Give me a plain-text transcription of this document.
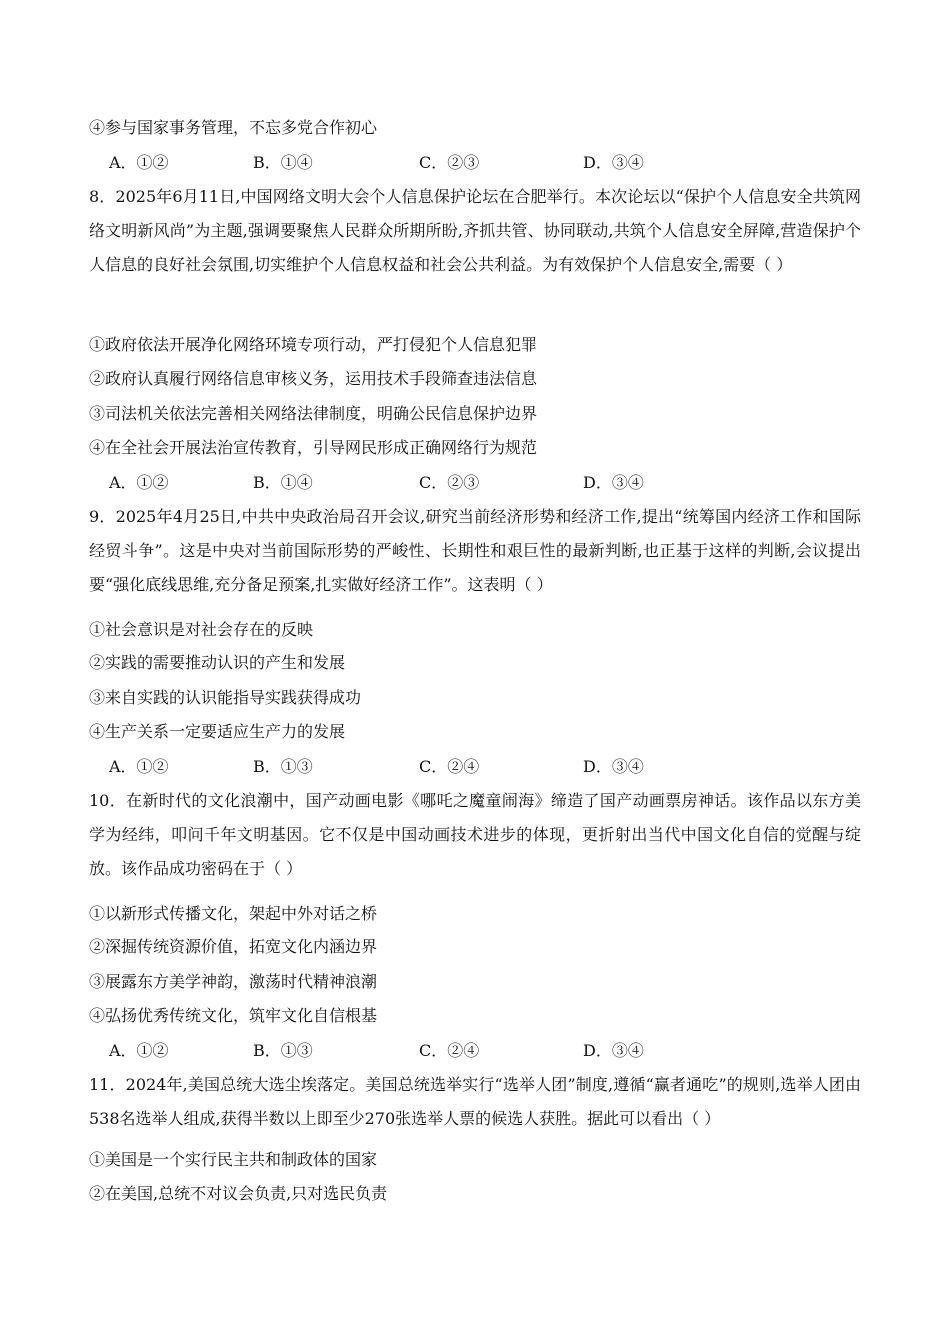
④参与国家事务管理，不忘多党合作初心
A．①②	B．①④	C．②③	D．③④
8．2025年6月11日,中国网络文明大会个人信息保护论坛在合肥举行。本次论坛以“保护个人信息安全共筑网络文明新风尚”为主题,强调要聚焦人民群众所期所盼,齐抓共管、协同联动,共筑个人信息安全屏障,营造保护个人信息的良好社会氛围,切实维护个人信息权益和社会公共利益。为有效保护个人信息安全,需要（ ）
①政府依法开展净化网络环境专项行动，严打侵犯个人信息犯罪
②政府认真履行网络信息审核义务，运用技术手段筛查违法信息
③司法机关依法完善相关网络法律制度，明确公民信息保护边界
④在全社会开展法治宣传教育，引导网民形成正确网络行为规范
A．①②	B．①④	C．②③	D．③④
9．2025年4月25日,中共中央政治局召开会议,研究当前经济形势和经济工作,提出“统筹国内经济工作和国际经贸斗争”。这是中央对当前国际形势的严峻性、长期性和艰巨性的最新判断,也正基于这样的判断,会议提出要“强化底线思维,充分备足预案,扎实做好经济工作”。这表明（ ）
①社会意识是对社会存在的反映
②实践的需要推动认识的产生和发展
③来自实践的认识能指导实践获得成功
④生产关系一定要适应生产力的发展
A．①②	B．①③	C．②④	D．③④
10．在新时代的文化浪潮中，国产动画电影《哪吒之魔童闹海》缔造了国产动画票房神话。该作品以东方美学为经纬，叩问千年文明基因。它不仅是中国动画技术进步的体现，更折射出当代中国文化自信的觉醒与绽放。该作品成功密码在于（ ）
①以新形式传播文化，架起中外对话之桥
②深掘传统资源价值，拓宽文化内涵边界
③展露东方美学神韵，激荡时代精神浪潮
④弘扬优秀传统文化，筑牢文化自信根基
A．①②	B．①③	C．②④	D．③④
11．2024年,美国总统大选尘埃落定。美国总统选举实行“选举人团”制度,遵循“赢者通吃”的规则,选举人团由538名选举人组成,获得半数以上即至少270张选举人票的候选人获胜。据此可以看出（ ）
①美国是一个实行民主共和制政体的国家
②在美国,总统不对议会负责,只对选民负责
